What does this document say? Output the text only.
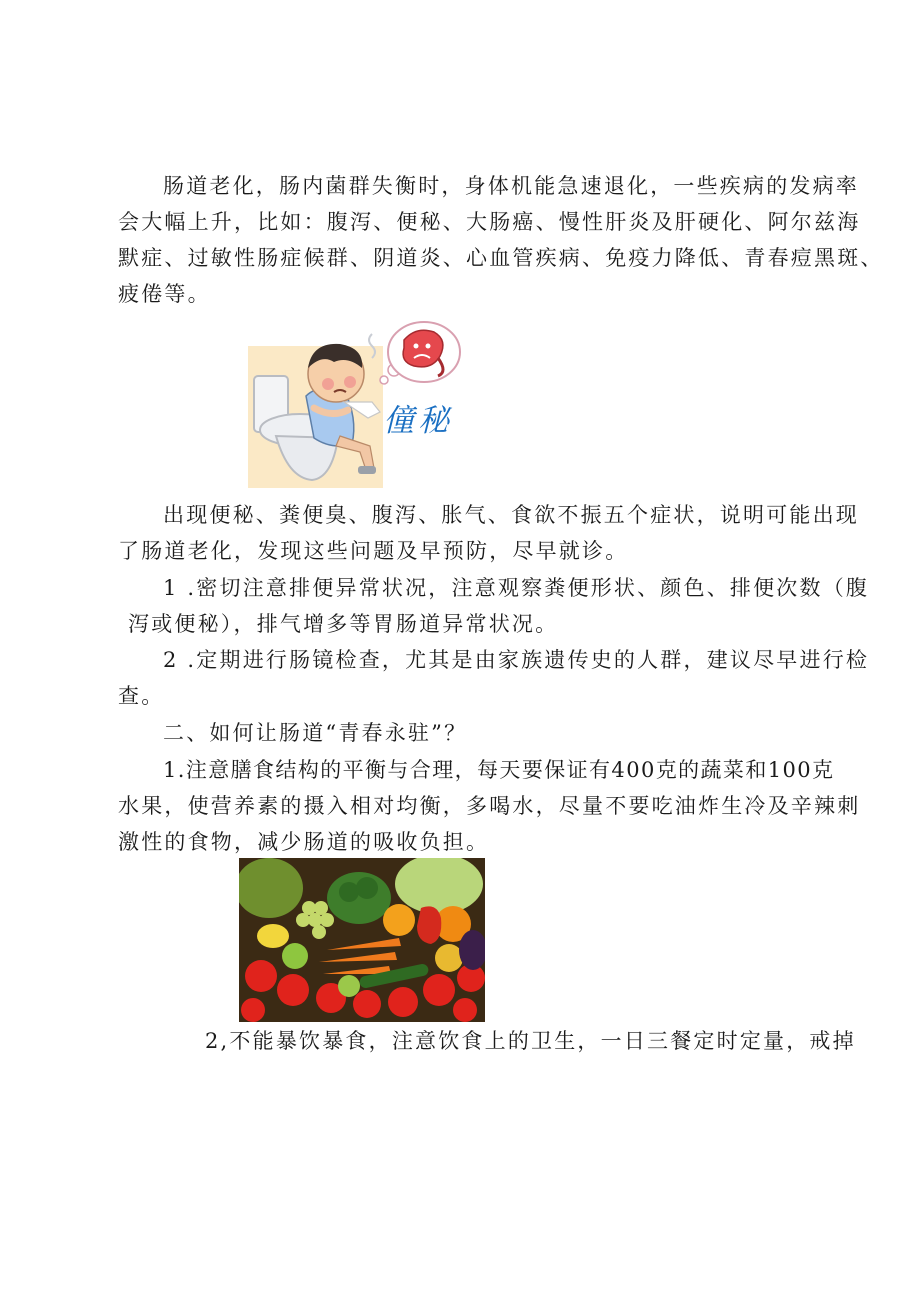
肠道老化，肠内菌群失衡时，身体机能急速退化，一些疾病的发病率
会大幅上升，比如：腹泻、便秘、大肠癌、慢性肝炎及肝硬化、阿尔兹海
默症、过敏性肠症候群、阴道炎、心血管疾病、免疫力降低、青春痘黑斑、
疲倦等。
僮秘
出现便秘、粪便臭、腹泻、胀气、食欲不振五个症状，说明可能出现
了肠道老化，发现这些问题及早预防，尽早就诊。
1 .密切注意排便异常状况，注意观察粪便形状、颜色、排便次数（腹
泻或便秘），排气增多等胃肠道异常状况。
2 .定期进行肠镜检查，尤其是由家族遗传史的人群，建议尽早进行检
查。
二、如何让肠道“青春永驻”？
1.注意膳食结构的平衡与合理，每天要保证有400克的蔬菜和100克
水果，使营养素的摄入相对均衡，多喝水，尽量不要吃油炸生冷及辛辣刺
激性的食物，减少肠道的吸收负担。
2,不能暴饮暴食，注意饮食上的卫生，一日三餐定时定量，戒掉
